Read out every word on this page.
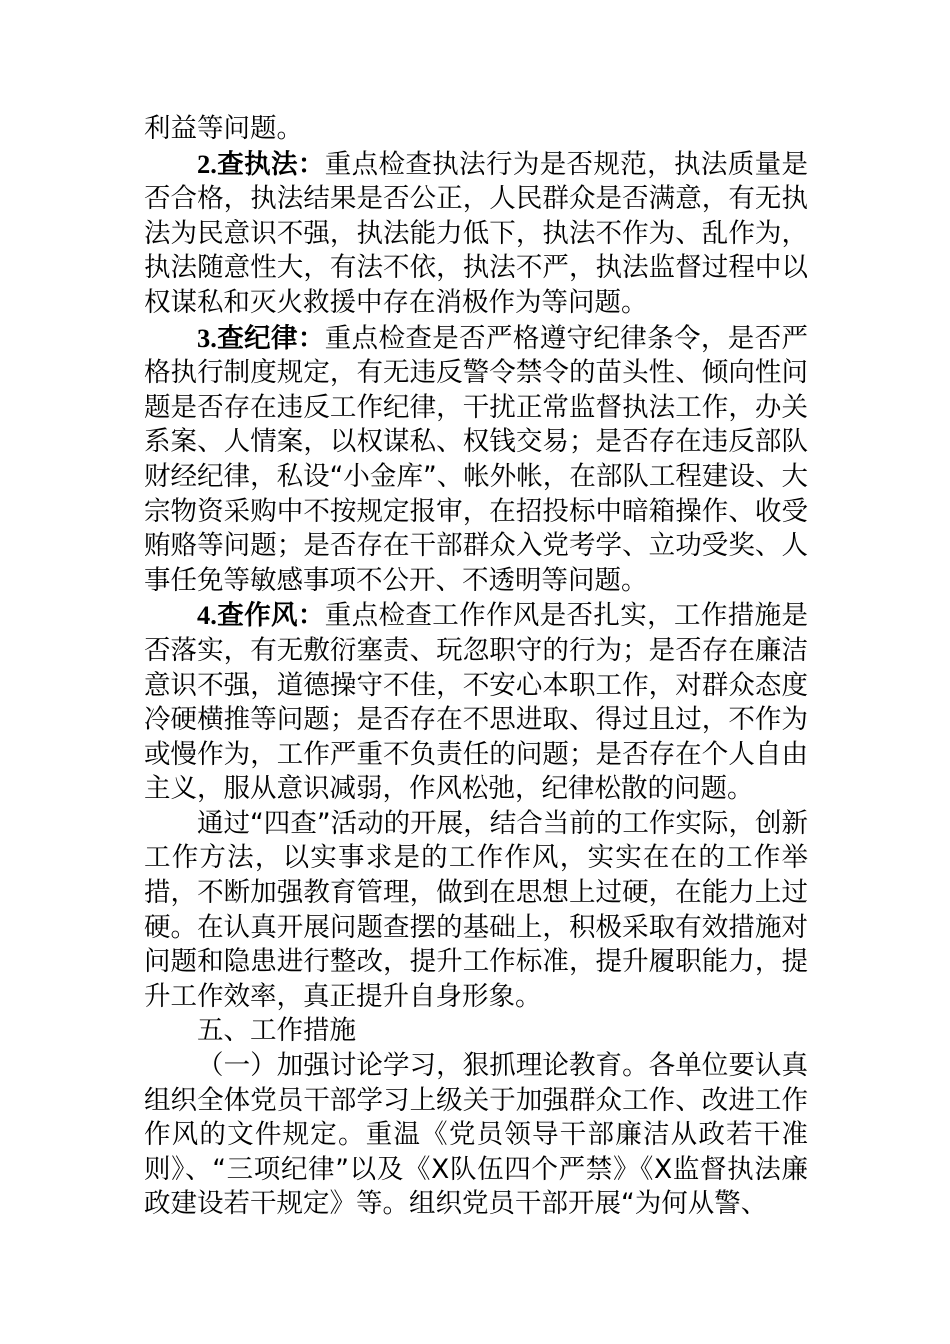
利益等问题。

2.查执法：重点检查执法行为是否规范，执法质量是否合格，执法结果是否公正，人民群众是否满意，有无执法为民意识不强，执法能力低下，执法不作为、乱作为，执法随意性大，有法不依，执法不严，执法监督过程中以权谋私和灭火救援中存在消极作为等问题。

3.查纪律：重点检查是否严格遵守纪律条令，是否严格执行制度规定，有无违反警令禁令的苗头性、倾向性问题是否存在违反工作纪律，干扰正常监督执法工作，办关系案、人情案，以权谋私、权钱交易；是否存在违反部队财经纪律，私设“小金库”、帐外帐，在部队工程建设、大宗物资采购中不按规定报审，在招投标中暗箱操作、收受贿赂等问题；是否存在干部群众入党考学、立功受奖、人事任免等敏感事项不公开、不透明等问题。

4.查作风：重点检查工作作风是否扎实，工作措施是否落实，有无敷衍塞责、玩忽职守的行为；是否存在廉洁意识不强，道德操守不佳，不安心本职工作，对群众态度冷硬横推等问题；是否存在不思进取、得过且过，不作为或慢作为，工作严重不负责任的问题；是否存在个人自由主义，服从意识减弱，作风松弛，纪律松散的问题。

通过“四查”活动的开展，结合当前的工作实际，创新工作方法，以实事求是的工作作风，实实在在的工作举措，不断加强教育管理，做到在思想上过硬，在能力上过硬。在认真开展问题查摆的基础上，积极采取有效措施对问题和隐患进行整改，提升工作标准，提升履职能力，提升工作效率，真正提升自身形象。

五、工作措施

（一）加强讨论学习，狠抓理论教育。各单位要认真组织全体党员干部学习上级关于加强群众工作、改进工作作风的文件规定。重温《党员领导干部廉洁从政若干准则》、“三项纪律”以及《X队伍四个严禁》《X监督执法廉政建设若干规定》等。组织党员干部开展“为何从警、
